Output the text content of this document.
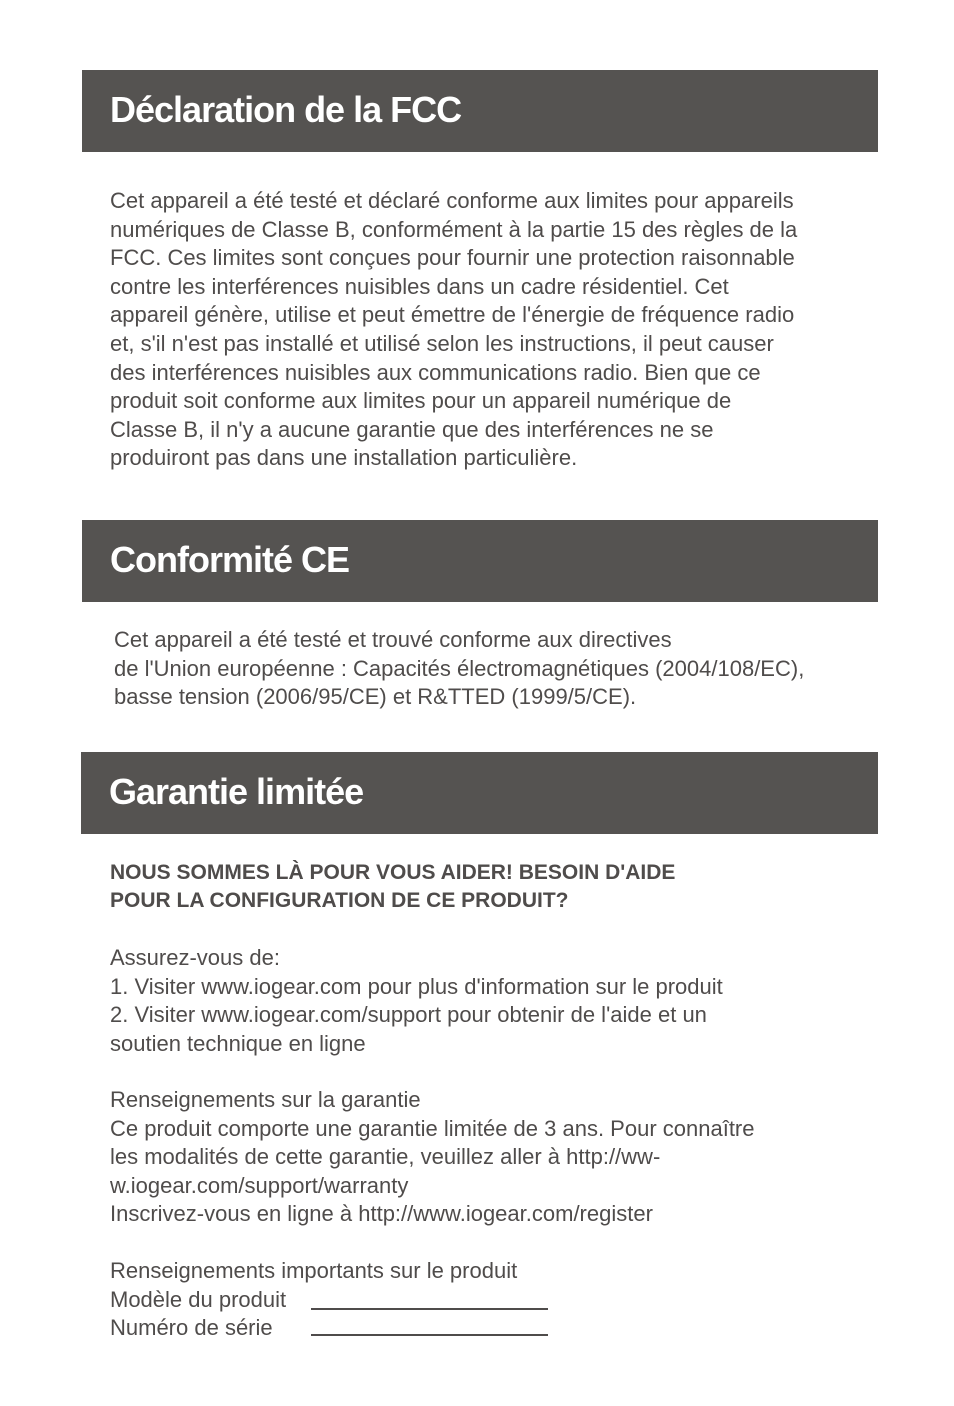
Déclaration de la FCC

Cet appareil a été testé et déclaré conforme aux limites pour appareils
numériques de Classe B, conformément à la partie 15 des règles de la
FCC. Ces limites sont conçues pour fournir une protection raisonnable
contre les interférences nuisibles dans un cadre résidentiel. Cet
appareil génère, utilise et peut émettre de l'énergie de fréquence radio
et, s'il n'est pas installé et utilisé selon les instructions, il peut causer
des interférences nuisibles aux communications radio. Bien que ce
produit soit conforme aux limites pour un appareil numérique de
Classe B, il n'y a aucune garantie que des interférences ne se
produiront pas dans une installation particulière.

Conformité CE

Cet appareil a été testé et trouvé conforme aux directives
de l'Union européenne : Capacités électromagnétiques (2004/108/EC),
basse tension (2006/95/CE) et R&TTED (1999/5/CE).

Garantie limitée

NOUS SOMMES LÀ POUR VOUS AIDER! BESOIN D'AIDE
POUR LA CONFIGURATION DE CE PRODUIT?

Assurez-vous de:
1. Visiter www.iogear.com pour plus d'information sur le produit
2. Visiter www.iogear.com/support pour obtenir de l'aide et un
soutien technique en ligne

Renseignements sur la garantie
Ce produit comporte une garantie limitée de 3 ans. Pour connaître
les modalités de cette garantie, veuillez aller à http://ww-
w.iogear.com/support/warranty
Inscrivez-vous en ligne à http://www.iogear.com/register

Renseignements importants sur le produit
Modèle du produit
Numéro de série
